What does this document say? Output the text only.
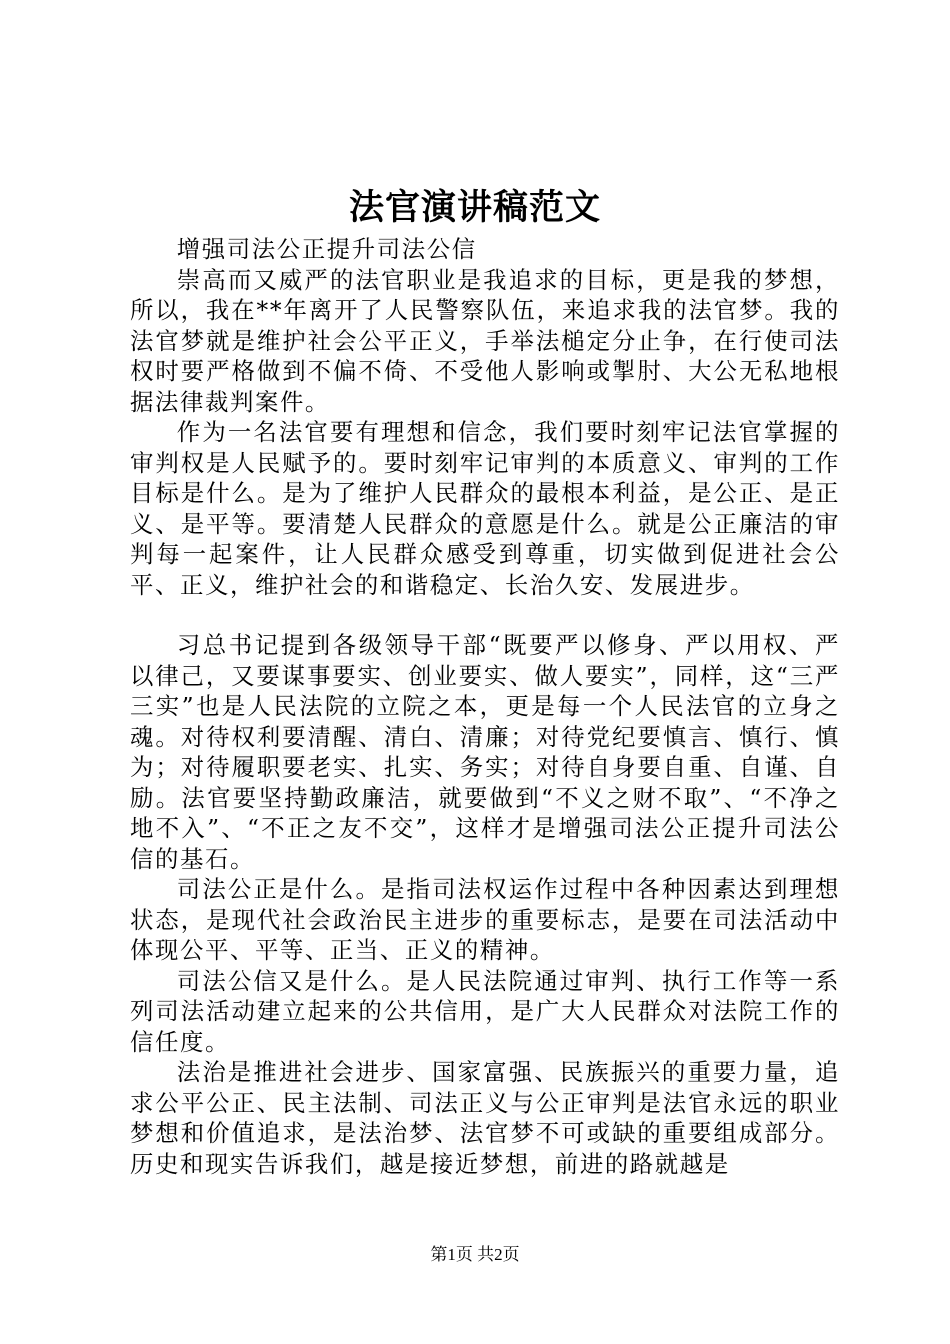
法官演讲稿范文

增强司法公正提升司法公信

崇高而又威严的法官职业是我追求的目标，更是我的梦想，所以，我在**年离开了人民警察队伍，来追求我的法官梦。我的法官梦就是维护社会公平正义，手举法槌定分止争，在行使司法权时要严格做到不偏不倚、不受他人影响或掣肘、大公无私地根据法律裁判案件。

作为一名法官要有理想和信念，我们要时刻牢记法官掌握的审判权是人民赋予的。要时刻牢记审判的本质意义、审判的工作目标是什么。是为了维护人民群众的最根本利益，是公正、是正义、是平等。要清楚人民群众的意愿是什么。就是公正廉洁的审判每一起案件，让人民群众感受到尊重，切实做到促进社会公平、正义，维护社会的和谐稳定、长治久安、发展进步。

习总书记提到各级领导干部“既要严以修身、严以用权、严以律己，又要谋事要实、创业要实、做人要实”，同样，这“三严三实”也是人民法院的立院之本，更是每一个人民法官的立身之魂。对待权利要清醒、清白、清廉；对待党纪要慎言、慎行、慎为；对待履职要老实、扎实、务实；对待自身要自重、自谨、自励。法官要坚持勤政廉洁，就要做到“不义之财不取”、“不净之地不入”、“不正之友不交”，这样才是增强司法公正提升司法公信的基石。

司法公正是什么。是指司法权运作过程中各种因素达到理想状态，是现代社会政治民主进步的重要标志，是要在司法活动中体现公平、平等、正当、正义的精神。

司法公信又是什么。是人民法院通过审判、执行工作等一系列司法活动建立起来的公共信用，是广大人民群众对法院工作的信任度。

法治是推进社会进步、国家富强、民族振兴的重要力量，追求公平公正、民主法制、司法正义与公正审判是法官永远的职业梦想和价值追求，是法治梦、法官梦不可或缺的重要组成部分。历史和现实告诉我们，越是接近梦想，前进的路就越是

第1页 共2页
